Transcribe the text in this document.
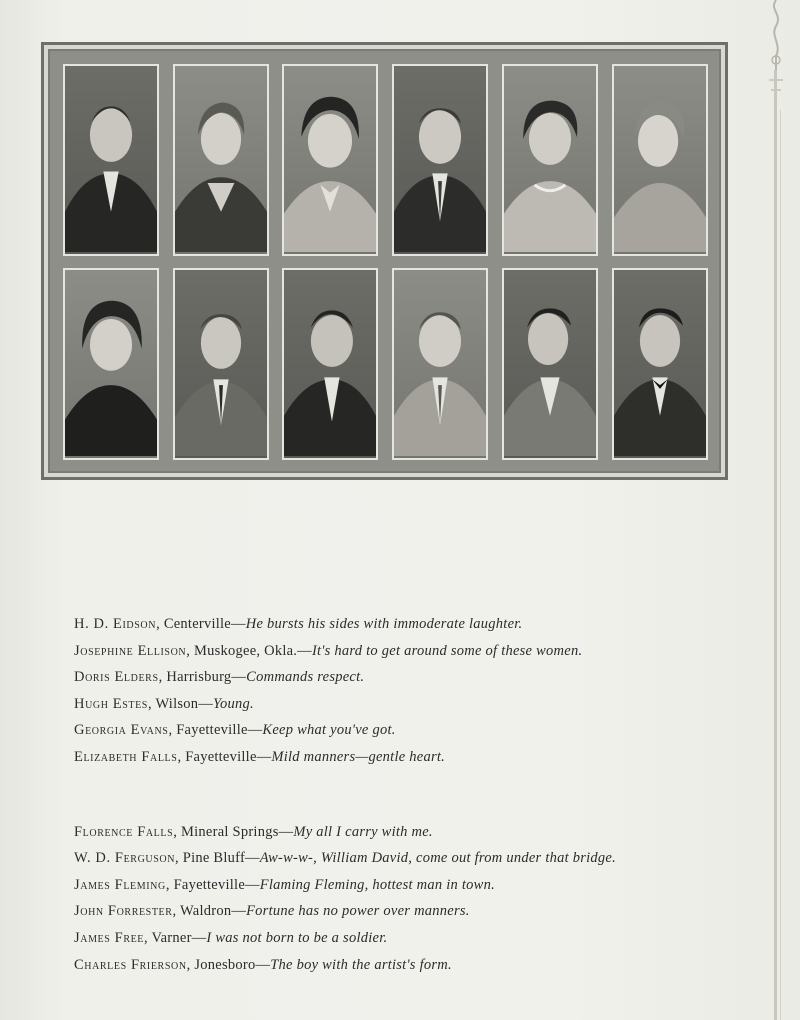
H. D. Eidson, Centerville—He bursts his sides with immoderate laughter.
Josephine Ellison, Muskogee, Okla.—It's hard to get around some of these women.
Doris Elders, Harrisburg—Commands respect.
Hugh Estes, Wilson—Young.
Georgia Evans, Fayetteville—Keep what you've got.
Elizabeth Falls, Fayetteville—Mild manners—gentle heart.
Florence Falls, Mineral Springs—My all I carry with me.
W. D. Ferguson, Pine Bluff—Aw-w-w-, William David, come out from under that bridge.
James Fleming, Fayetteville—Flaming Fleming, hottest man in town.
John Forrester, Waldron—Fortune has no power over manners.
James Free, Varner—I was not born to be a soldier.
Charles Frierson, Jonesboro—The boy with the artist's form.
